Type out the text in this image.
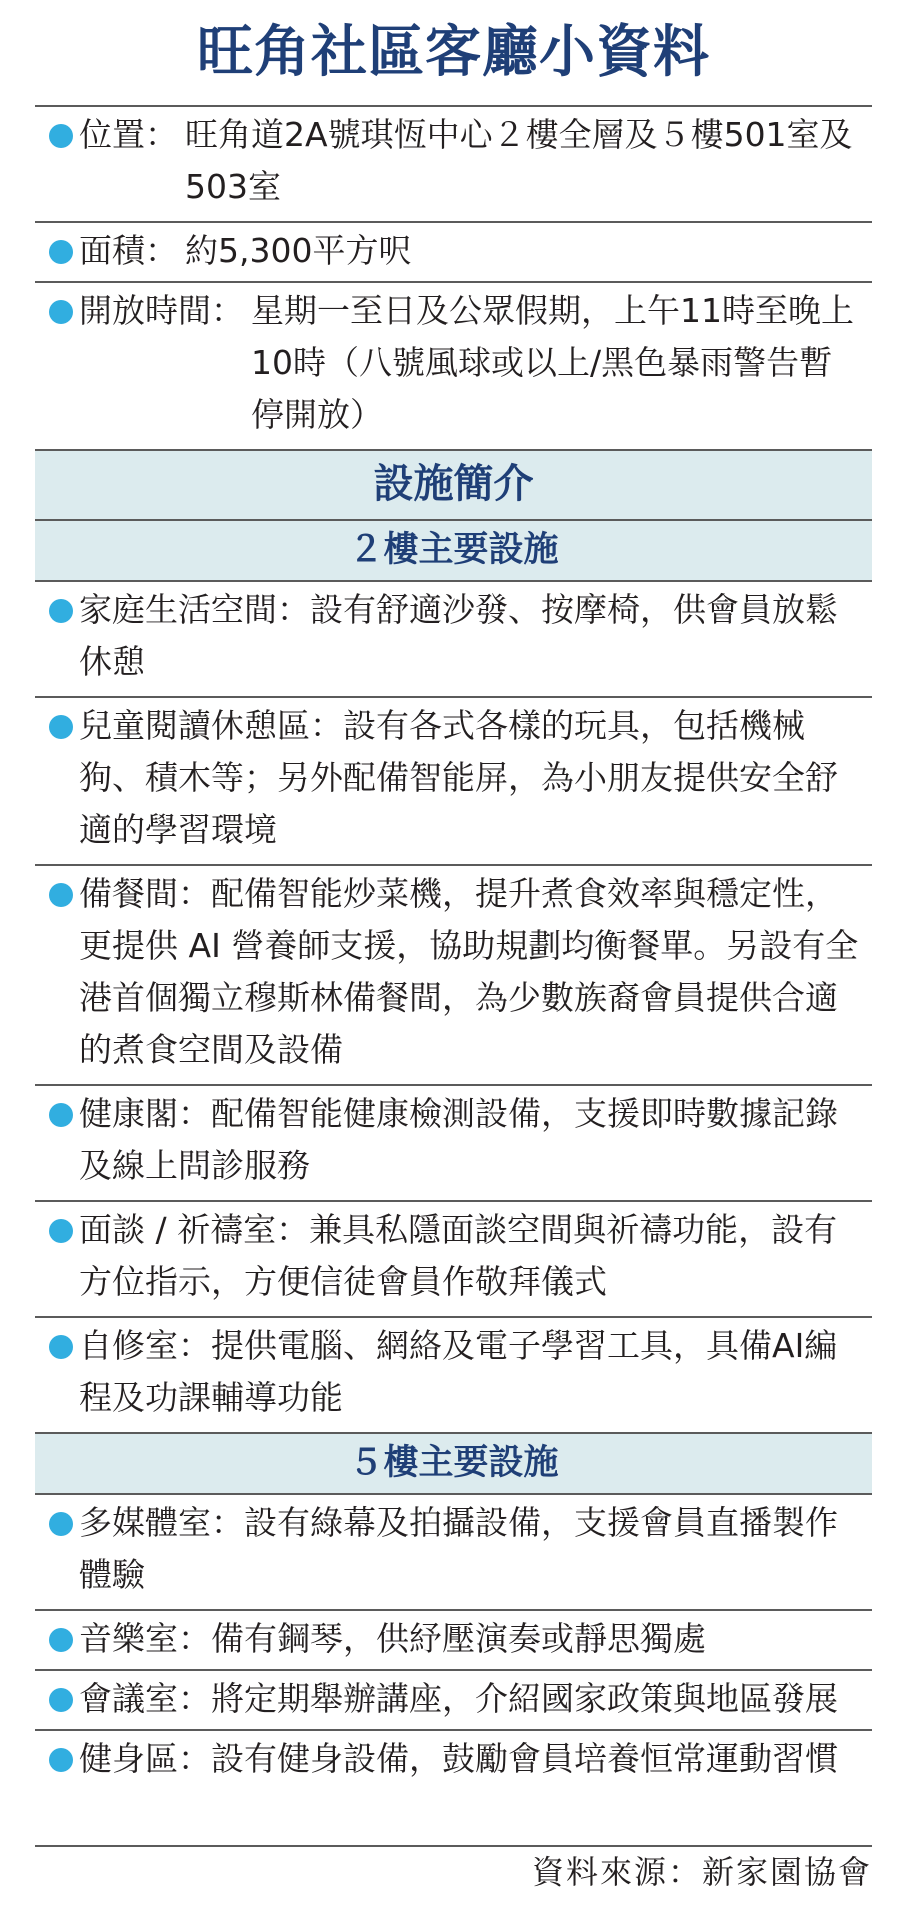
旺角社區客廳小資料
位置： 旺角道2A號琪恆中心２樓全層及５樓501室及503室
面積： 約5,300平方呎
開放時間： 星期一至日及公眾假期，上午11時至晚上10時（八號風球或以上/黑色暴雨警告暫停開放）
設施簡介
２樓主要設施
家庭生活空間：設有舒適沙發、按摩椅，供會員放鬆休憩
兒童閱讀休憩區：設有各式各樣的玩具，包括機械狗、積木等；另外配備智能屏，為小朋友提供安全舒適的學習環境
備餐間：配備智能炒菜機，提升煮食效率與穩定性，更提供 AI 營養師支援，協助規劃均衡餐單。另設有全港首個獨立穆斯林備餐間，為少數族裔會員提供合適的煮食空間及設備
健康閣：配備智能健康檢測設備，支援即時數據記錄及線上問診服務
面談 / 祈禱室：兼具私隱面談空間與祈禱功能，設有方位指示，方便信徒會員作敬拜儀式
自修室：提供電腦、網絡及電子學習工具，具備AI編程及功課輔導功能
５樓主要設施
多媒體室：設有綠幕及拍攝設備，支援會員直播製作體驗
音樂室：備有鋼琴，供紓壓演奏或靜思獨處
會議室：將定期舉辦講座，介紹國家政策與地區發展
健身區：設有健身設備，鼓勵會員培養恒常運動習慣
資料來源：新家園協會
